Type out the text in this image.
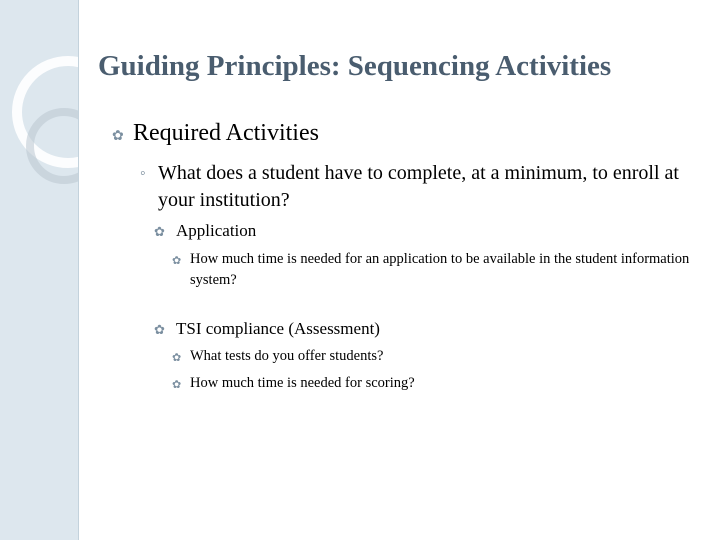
Guiding Principles: Sequencing Activities
✿ Required Activities
◦ What does a student have to complete, at a minimum, to enroll at your institution?
✿ Application
✿ How much time is needed for an application to be available in the student information system?
✿ TSI compliance (Assessment)
✿ What tests do you offer students?
✿ How much time is needed for scoring?
